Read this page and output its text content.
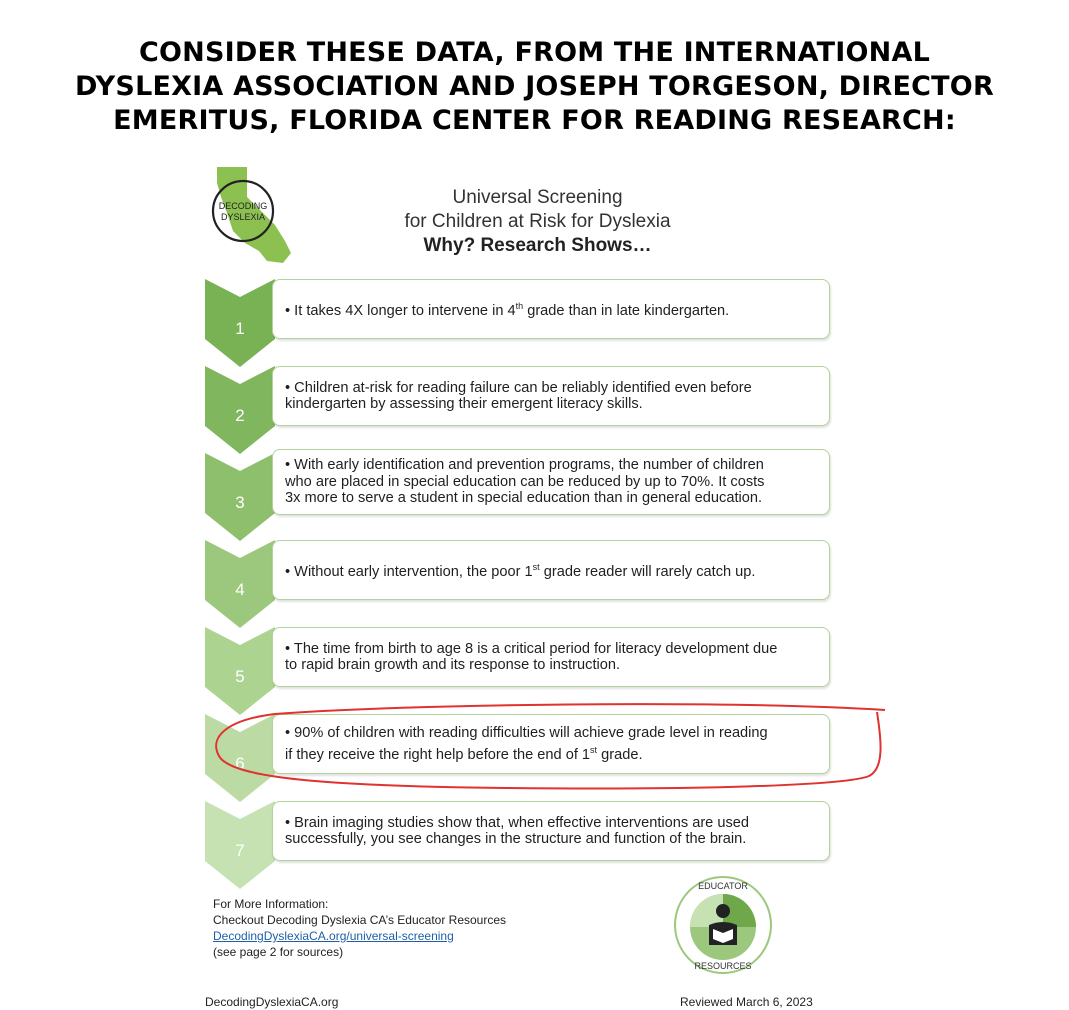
CONSIDER THESE DATA, FROM THE INTERNATIONAL
DYSLEXIA ASSOCIATION AND JOSEPH TORGESON, DIRECTOR
EMERITUS, FLORIDA CENTER FOR READING RESEARCH:
DECODING
DYSLEXIA
Universal Screening
for Children at Risk for Dyslexia
Why? Research Shows…
1
• It takes 4X longer to intervene in 4th grade than in late kindergarten.
2
• Children at-risk for reading failure can be reliably identified even before
kindergarten by assessing their emergent literacy skills.
3
• With early identification and prevention programs, the number of children
who are placed in special education can be reduced by up to 70%. It costs
3x more to serve a student in special education than in general education.
4
• Without early intervention, the poor 1st grade reader will rarely catch up.
5
• The time from birth to age 8 is a critical period for literacy development due
to rapid brain growth and its response to instruction.
6
• 90% of children with reading difficulties will achieve grade level in reading
if they receive the right help before the end of 1st grade.
7
• Brain imaging studies show that, when effective interventions are used
successfully, you see changes in the structure and function of the brain.
For More Information:
Checkout Decoding Dyslexia CA’s Educator Resources
DecodingDyslexiaCA.org/universal-screening
(see page 2 for sources)
EDUCATOR
RESOURCES
DecodingDyslexiaCA.org	Reviewed March 6, 2023
